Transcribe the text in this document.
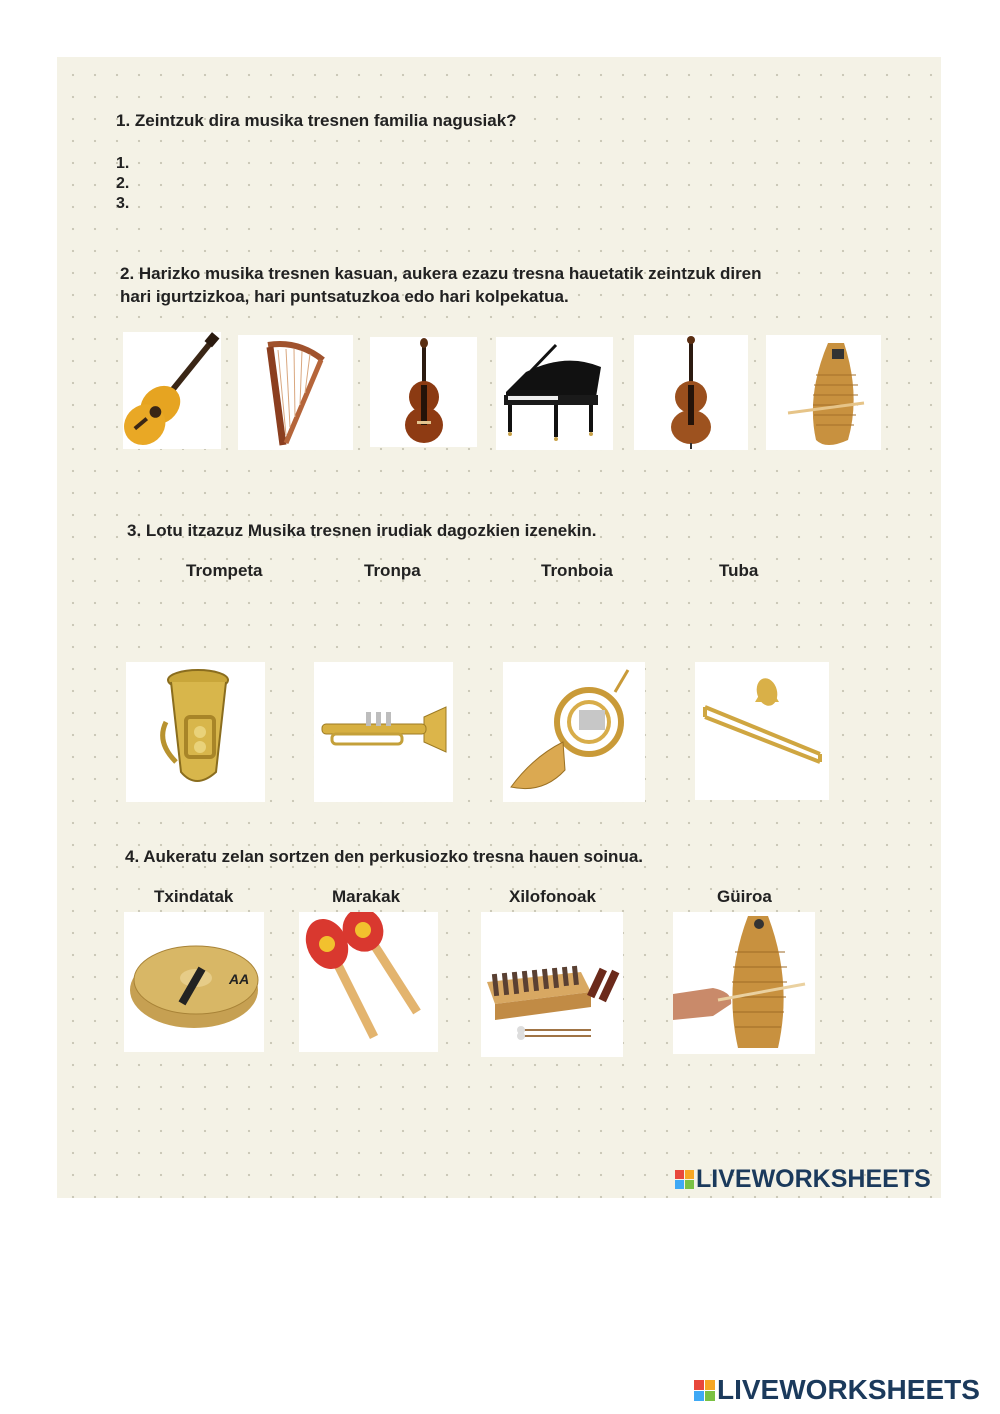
1. Zeintzuk dira musika tresnen familia nagusiak?
1.
2.
3.
2. Harizko musika tresnen kasuan, aukera ezazu tresna hauetatik zeintzuk diren
hari igurtzizkoa, hari puntsatuzkoa edo hari kolpekatua.
3. Lotu itzazuz Musika tresnen irudiak dagozkien izenekin.
Trompeta	Tronpa	Tronboia	Tuba
4. Aukeratu zelan sortzen den perkusiozko tresna hauen soinua.
Txindatak	Marakak	Xilofonoak	Güiroa
AA
LIVEWORKSHEETS
LIVEWORKSHEETS
